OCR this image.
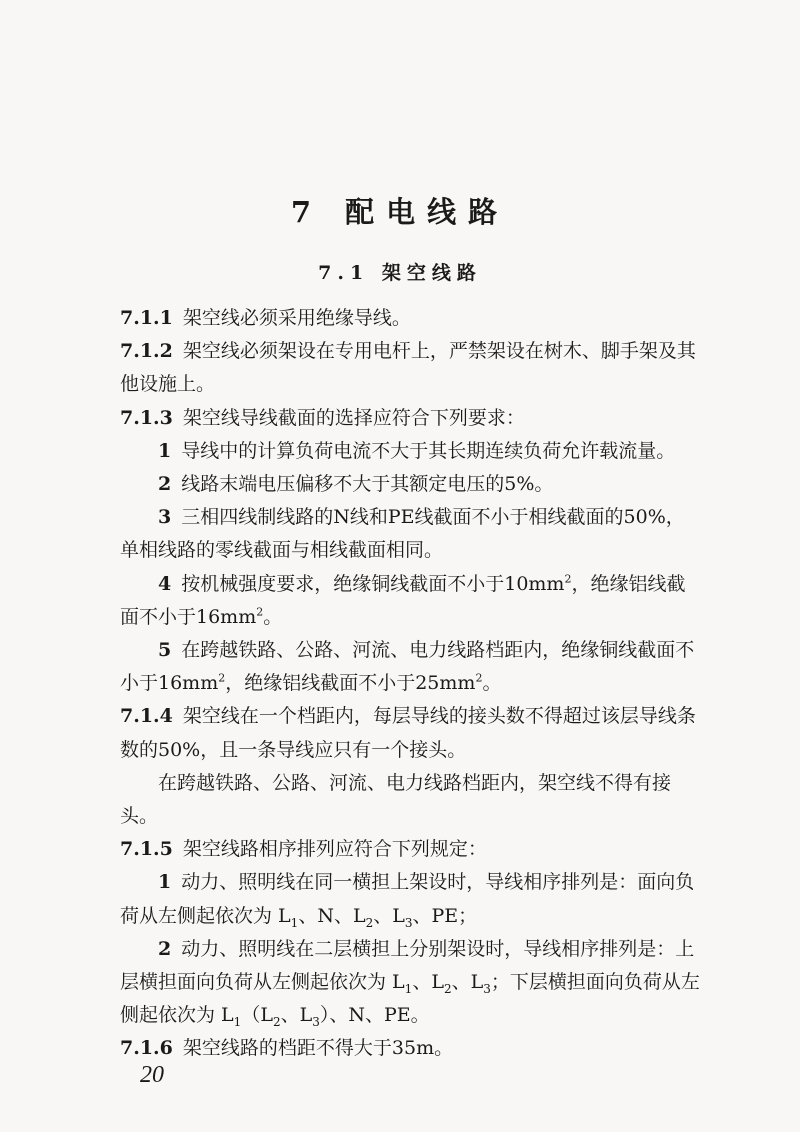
7 配电线路
7.1 架空线路

7.1.1 架空线必须采用绝缘导线。

7.1.2 架空线必须架设在专用电杆上，严禁架设在树木、脚手架及其他设施上。

7.1.3 架空线导线截面的选择应符合下列要求：

1 导线中的计算负荷电流不大于其长期连续负荷允许载流量。

2 线路末端电压偏移不大于其额定电压的5%。

3 三相四线制线路的N线和PE线截面不小于相线截面的50%，单相线路的零线截面与相线截面相同。

4 按机械强度要求，绝缘铜线截面不小于$10mm^2$，绝缘铝线截面不小于$16mm^2$。

5 在跨越铁路、公路、河流、电力线路档距内，绝缘铜线截面不小于$16mm^2$，绝缘铝线截面不小于$25mm^2$。

7.1.4 架空线在一个档距内，每层导线的接头数不得超过该层导线条数的50%，且一条导线应只有一个接头。

在跨越铁路、公路、河流、电力线路档距内，架空线不得有接头。

7.1.5 架空线路相序排列应符合下列规定：

1 动力、照明线在同一横担上架设时，导线相序排列是：面向负荷从左侧起依次为 $L_1$、N、$L_2$、$L_3$、PE；

2 动力、照明线在二层横担上分别架设时，导线相序排列是：上层横担面向负荷从左侧起依次为 $L_1$、$L_2$、$L_3$；下层横担面向负荷从左侧起依次为 $L_1(L_2$、$L_3$）、N、PE。

7.1.6 架空线路的档距不得大于35m。

20
